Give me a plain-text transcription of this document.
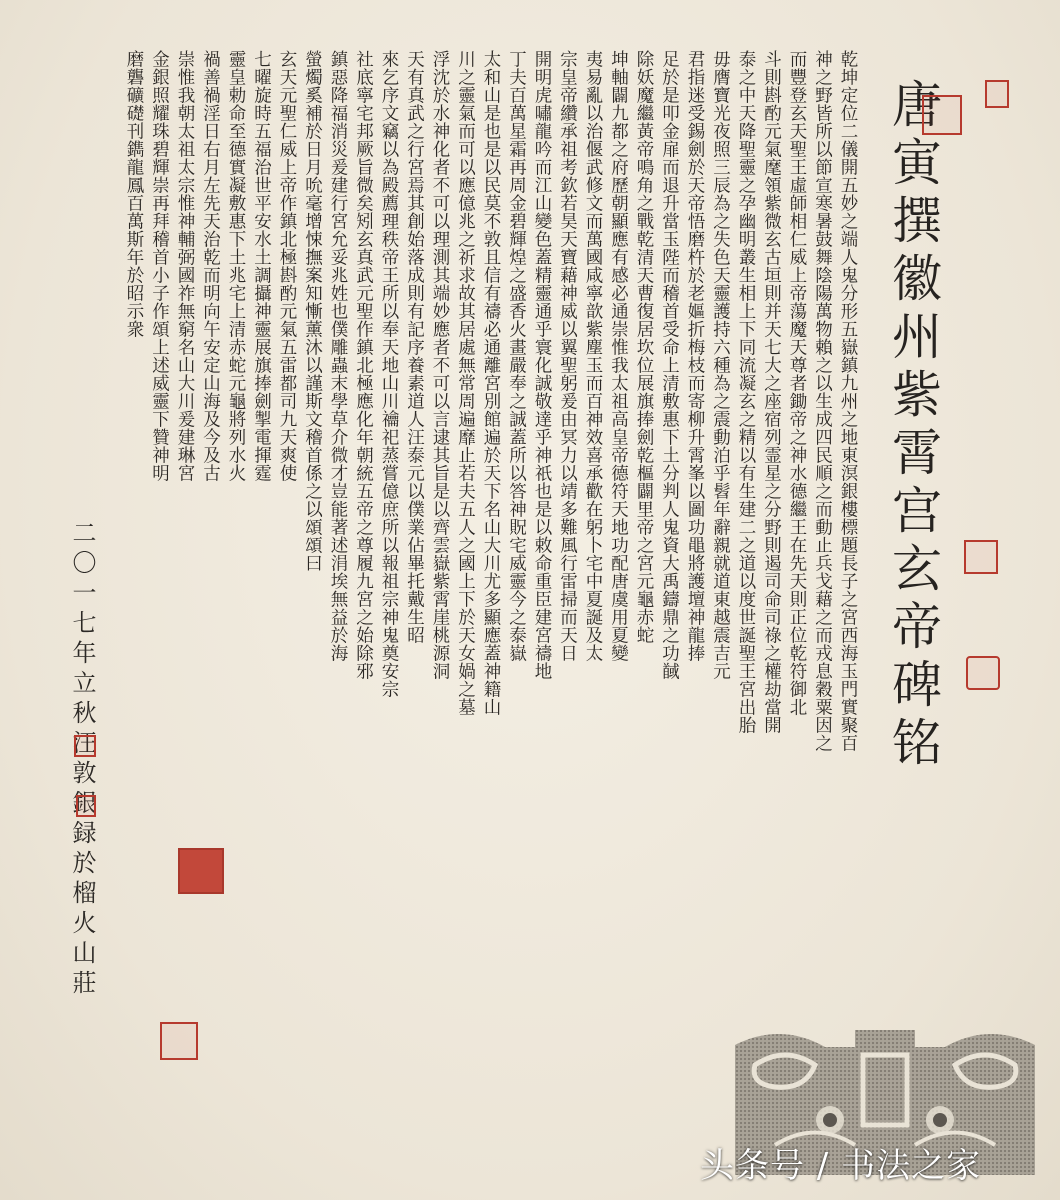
唐寅撰徽州紫霄宫玄帝碑铭
乾坤定位二儀開五妙之端人鬼分形五嶽鎮九州之地東溟銀樓標題長子之宮西海玉門實聚百
神之野皆所以節宣寒暑鼓舞陰陽萬物賴之以生成四民順之而動止兵戈藉之而戎息穀粟因之
而豐登玄天聖王虛師相仁威上帝蕩魔天尊者鋤帝之神水德繼王在先天則正位乾符御北
斗則斟酌元氣麾領紫微玄古垣則并天七大之座宿列霊星之分野則遏司命司祿之權劫當開
泰之中天降聖靈之孕幽明叢生相上下同流凝玄之精以有生建二之道以度世誕聖王宮出胎
毋膺寶光夜照三辰為之失色天靈護持六種為之震動泊乎髫年辭親就道東越震吉元
君指迷受錫劍於天帝悟磨杵於老嫗折梅枝而寄柳升霄峯以圖功黽將護壇神龍捧
足於是叩金扉而退升當玉陛而稽首受命上清敷惠下土分判人鬼資大禹鑄鼎之功馘
除妖魔繼黃帝鳴角之戰乾清天曹復居坎位展旗捧劍乾樞闢里帝之宮元龜赤蛇
坤軸闢九都之府歷朝顯應有感必通崇惟我太祖高皇帝德符天地功配唐虞用夏變
夷易亂以治偃武修文而萬國咸寧歆紫塵玉而百神效喜承歡在躬卜宅中夏誕及太
宗皇帝纘承祖考欽若昊天寶藉神威以翼聖躬爰由冥力以靖多難風行雷掃而天日
開明虎嘯龍吟而江山變色蓋精靈通乎寰化誠敬達乎神祇也是以敕命重臣建宮禱地
丁夫百萬星霜再周金碧輝煌之盛香火畫嚴奉之誠蓋所以答神貺宅威靈今之泰嶽
太和山是也是以民莫不敦且信有禱必通離宮別館遍於天下名山大川尤多顯應蓋神籍山
川之靈氣而可以應億兆之祈求故其居處無常周遍靡止若夫五人之國上下於天女媧之墓
浮沈於水神化者不可以理測其端妙應者不可以言逮其旨是以齊雲嶽紫霄崖桃源洞
天有真武之行宮焉其創始落成則有記序養素道人汪泰元以僕業佔畢托戴生昭
來乞序文竊以為殿薦理秩帝王所以奉天地山川禴祀蒸嘗億庶所以報祖宗神鬼奠安宗
社底寧宅邦厥旨微矣矧玄真武元聖作鎮北極應化年朝統五帝之尊履九宮之始除邪
鎮惡降福消災爰建行宮允妥兆姓也僕雕蟲末學草介微才豈能著述涓埃無益於海
螢燭奚補於日月吮毫增悚撫案知慚薰沐以謹斯文稽首係之以頌頌曰
玄天元聖仁威上帝作鎮北極斟酌元氣五雷都司九天爽使
七曜旋時五福治世平安水土調攝神靈展旗捧劍掣電揮霆
靈皇勅命至德實凝敷惠下土兆宅上清赤蛇元龜將列水火
禍善禍淫日右月左先天治乾而明向午安定山海及今及古
崇惟我朝太祖太宗惟神輔弼國祚無窮名山大川爰建琳宮
金銀照耀珠碧輝崇再拜稽首小子作頌上述威靈下贊神明
磨礱礦礎刊鐫龍鳳百萬斯年於昭示衆
二〇一七年立秋汪敦銀録於榴火山莊
头条号 / 书法之家
